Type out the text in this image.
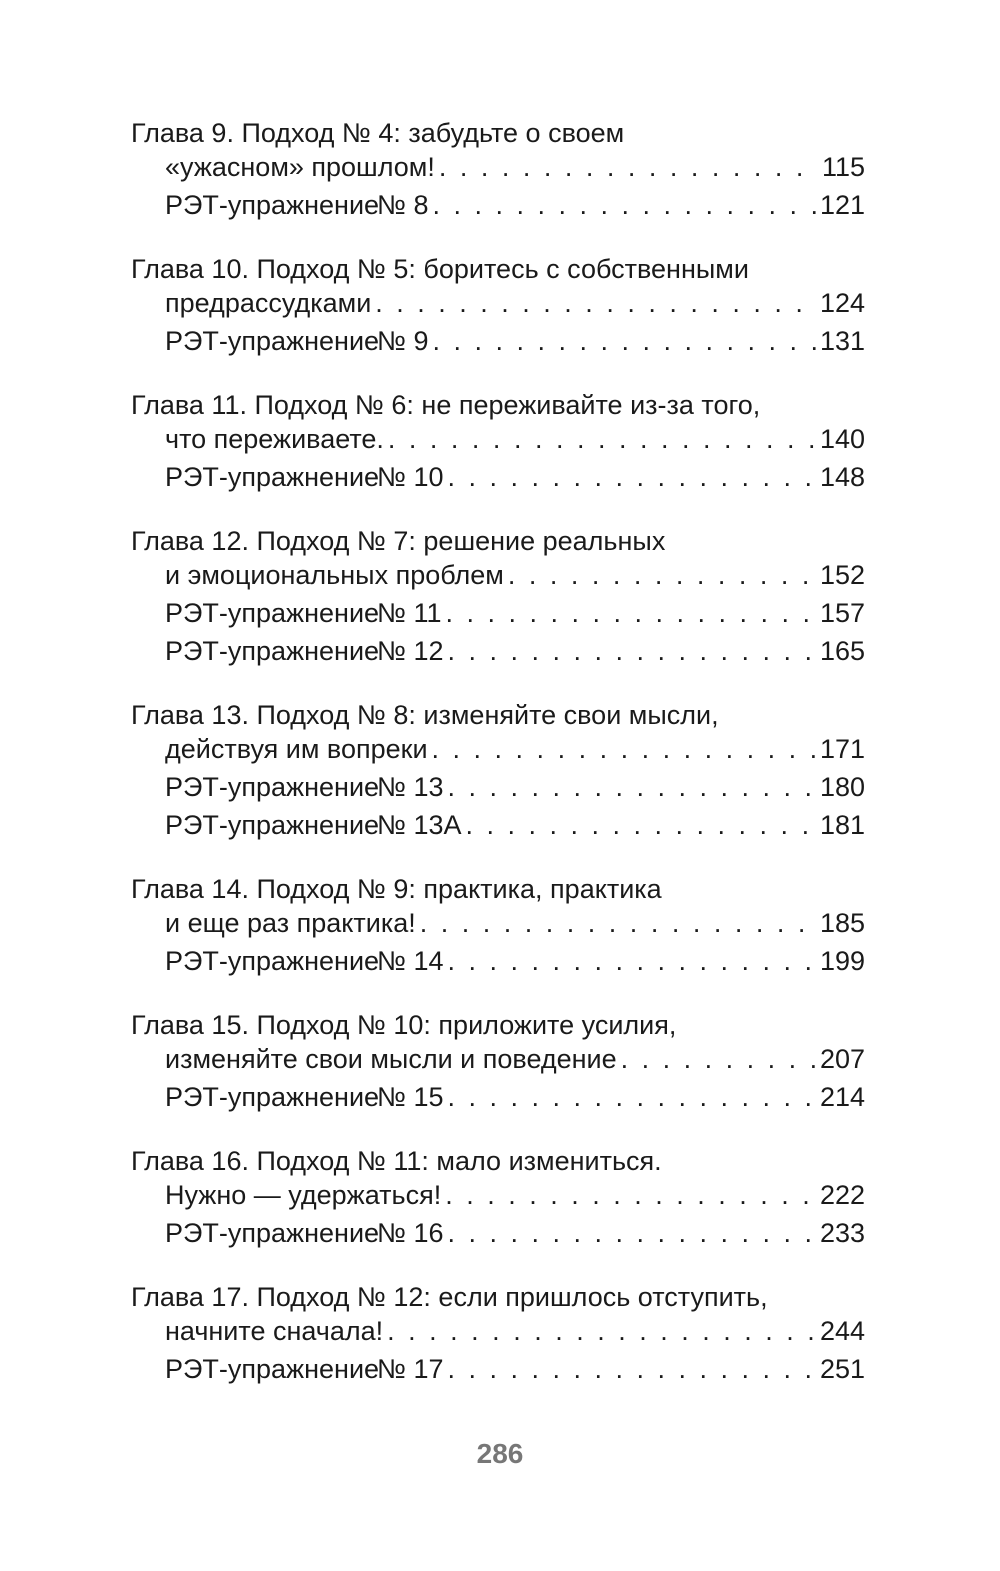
Глава 9. Подход № 4: забудьте о своем
«ужасном» прошлом! . . .	115
РЭТ-упражнение№ 8 . . .	121
Глава 10. Подход № 5: боритесь с собственными
предрассудками . . .	124
РЭТ-упражнение№ 9 . . .	131
Глава 11. Подход № 6: не переживайте из-за того,
что переживаете. . . .	140
РЭТ-упражнение№ 10 . . .	148
Глава 12. Подход № 7: решение реальных
и эмоциональных проблем . . .	152
РЭТ-упражнение№ 11 . . .	157
РЭТ-упражнение№ 12 . . .	165
Глава 13. Подход № 8: изменяйте свои мысли,
действуя им вопреки . . .	171
РЭТ-упражнение№ 13 . . .	180
РЭТ-упражнение№ 13А . . .	181
Глава 14. Подход № 9: практика, практика
и еще раз практика! . . .	185
РЭТ-упражнение№ 14 . . .	199
Глава 15. Подход № 10: приложите усилия,
изменяйте свои мысли и поведение . . .	207
РЭТ-упражнение№ 15 . . .	214
Глава 16. Подход № 11: мало измениться.
Нужно — удержаться! . . .	222
РЭТ-упражнение№ 16 . . .	233
Глава 17. Подход № 12: если пришлось отступить,
начните сначала! . . .	244
РЭТ-упражнение№ 17 . . .	251
286
